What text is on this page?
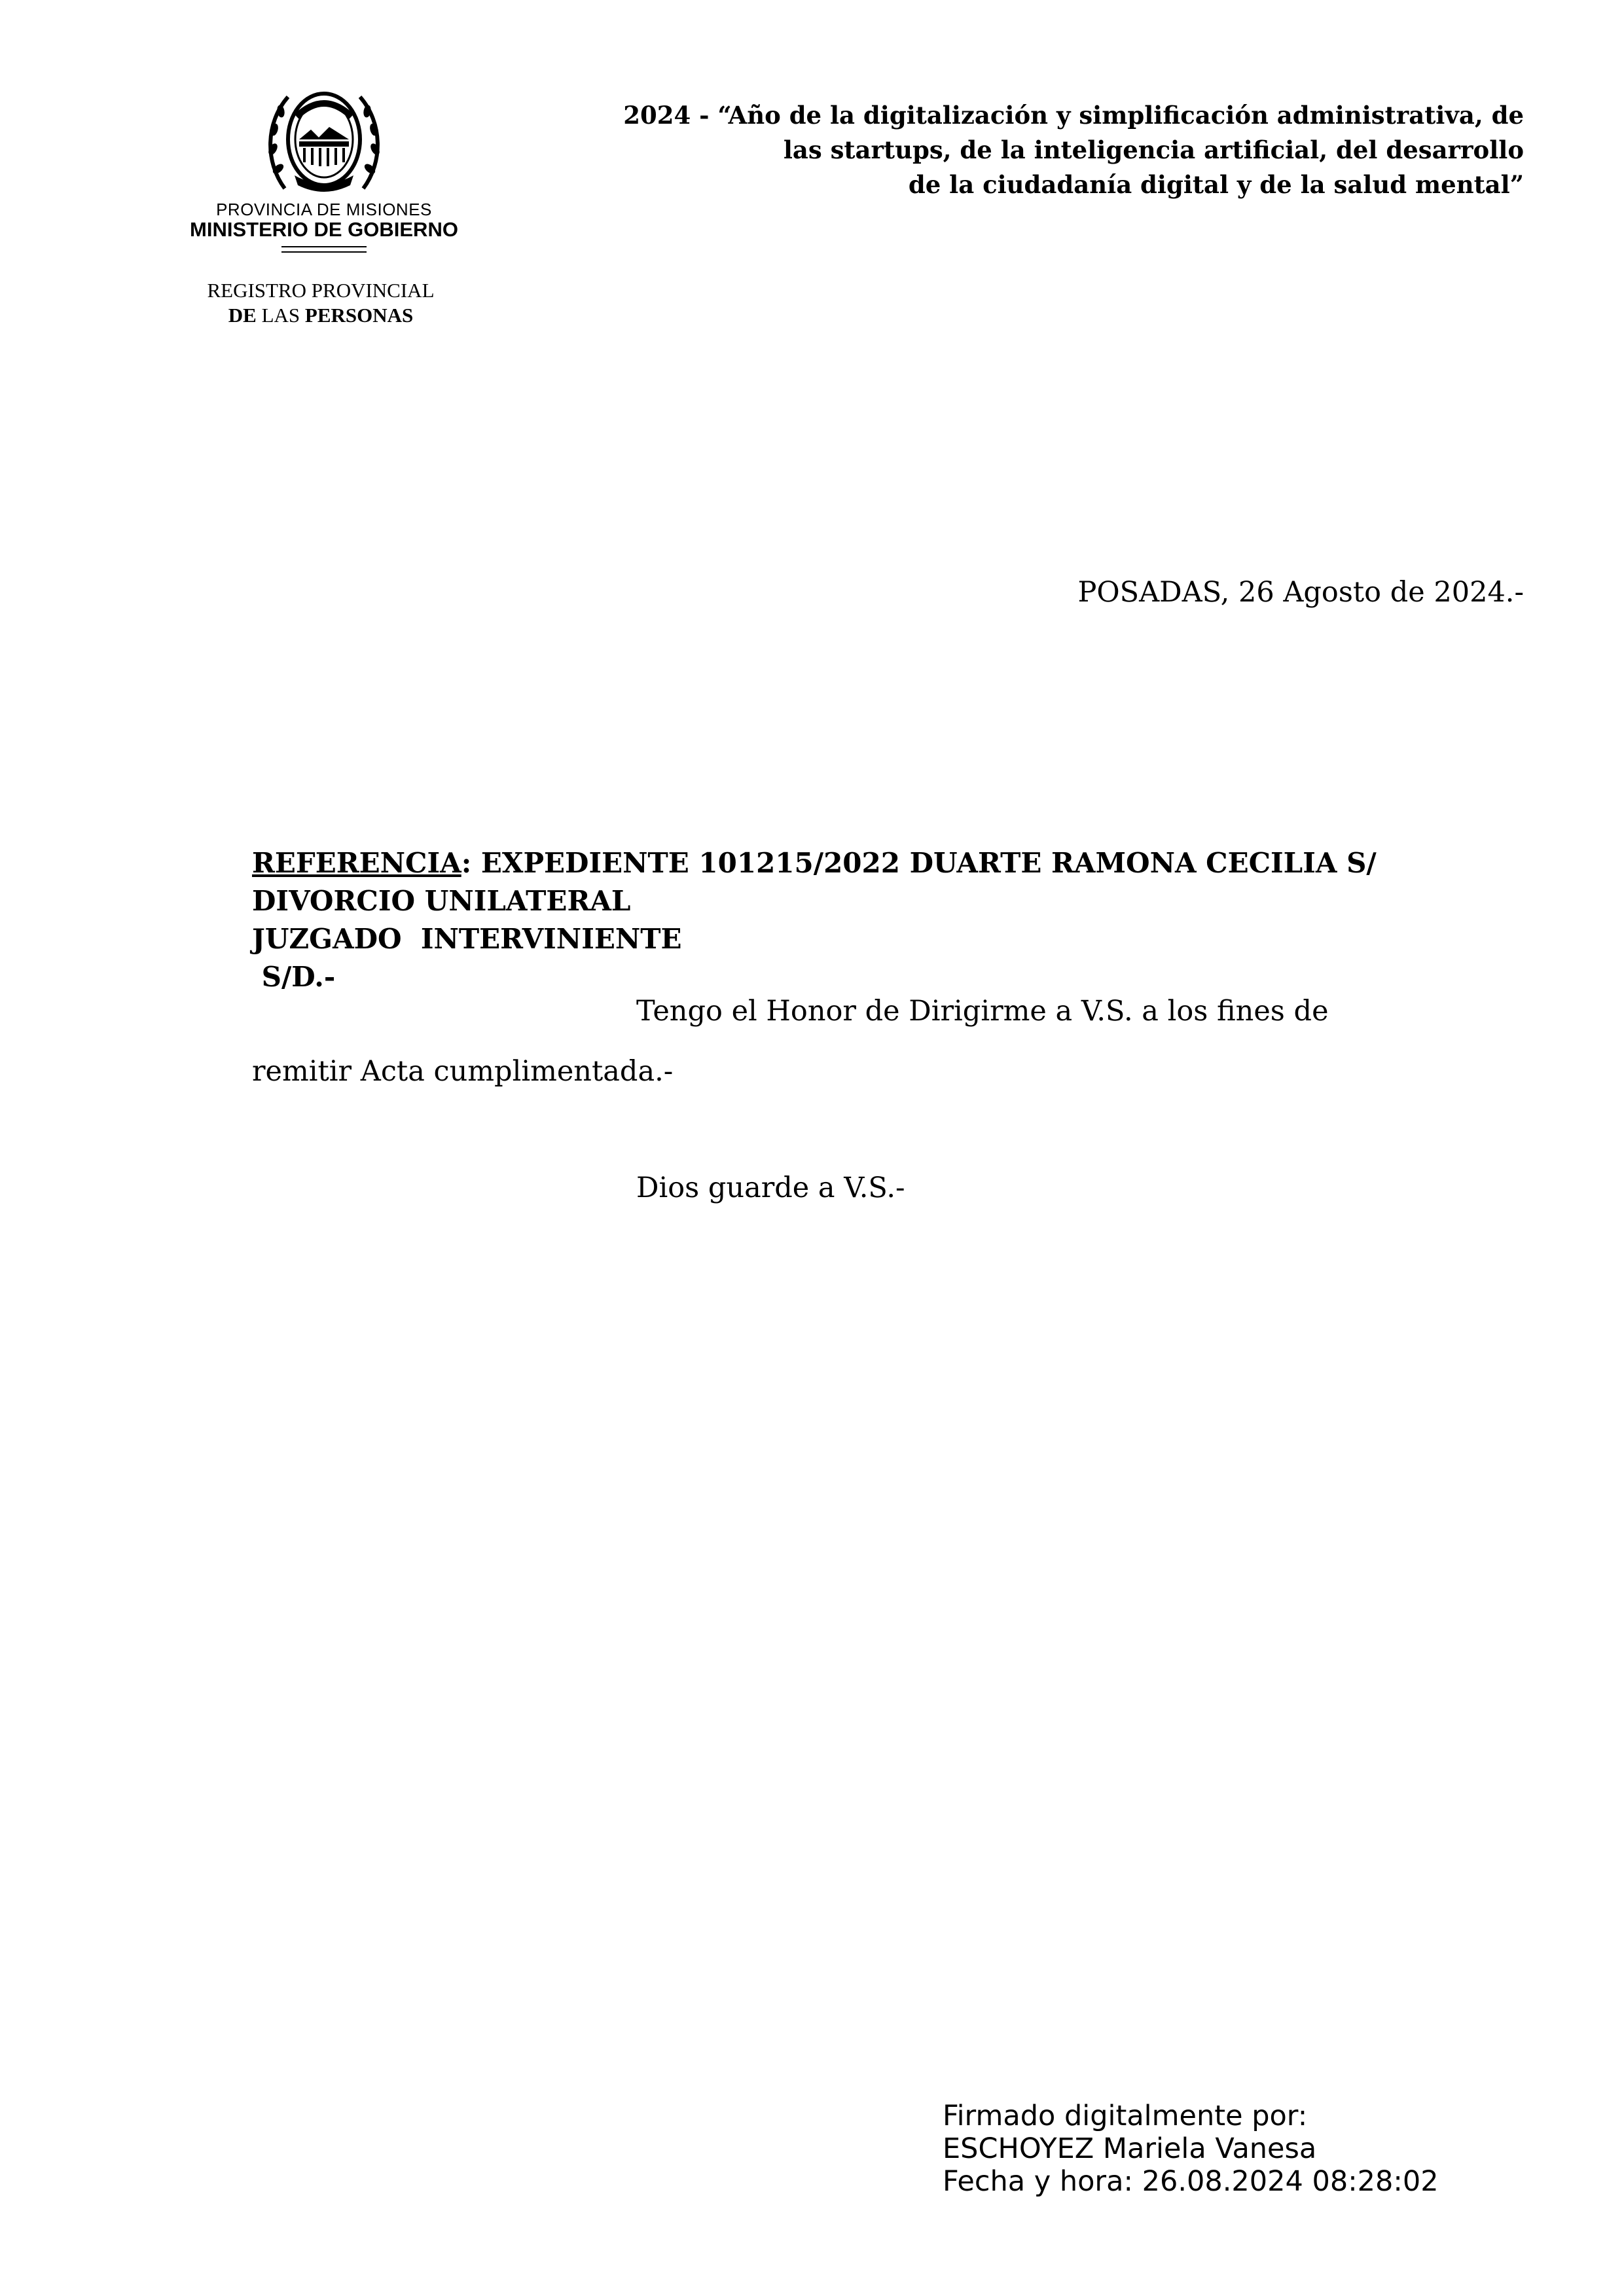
PROVINCIA DE MISIONES
MINISTERIO DE GOBIERNO
REGISTRO PROVINCIAL
DE LAS PERSONAS
2024 - “Año de la digitalización y simplificación administrativa, de
las startups, de la inteligencia artificial, del desarrollo
de la ciudadanía digital y de la salud mental”
POSADAS, 26 Agosto de 2024.-
REFERENCIA: EXPEDIENTE 101215/2022 DUARTE RAMONA CECILIA S/
DIVORCIO UNILATERAL
JUZGADO  INTERVINIENTE
S/D.-
Tengo el Honor de Dirigirme a V.S. a los fines de
remitir Acta cumplimentada.-
Dios guarde a V.S.-
Firmado digitalmente por:
ESCHOYEZ Mariela Vanesa
Fecha y hora: 26.08.2024 08:28:02
